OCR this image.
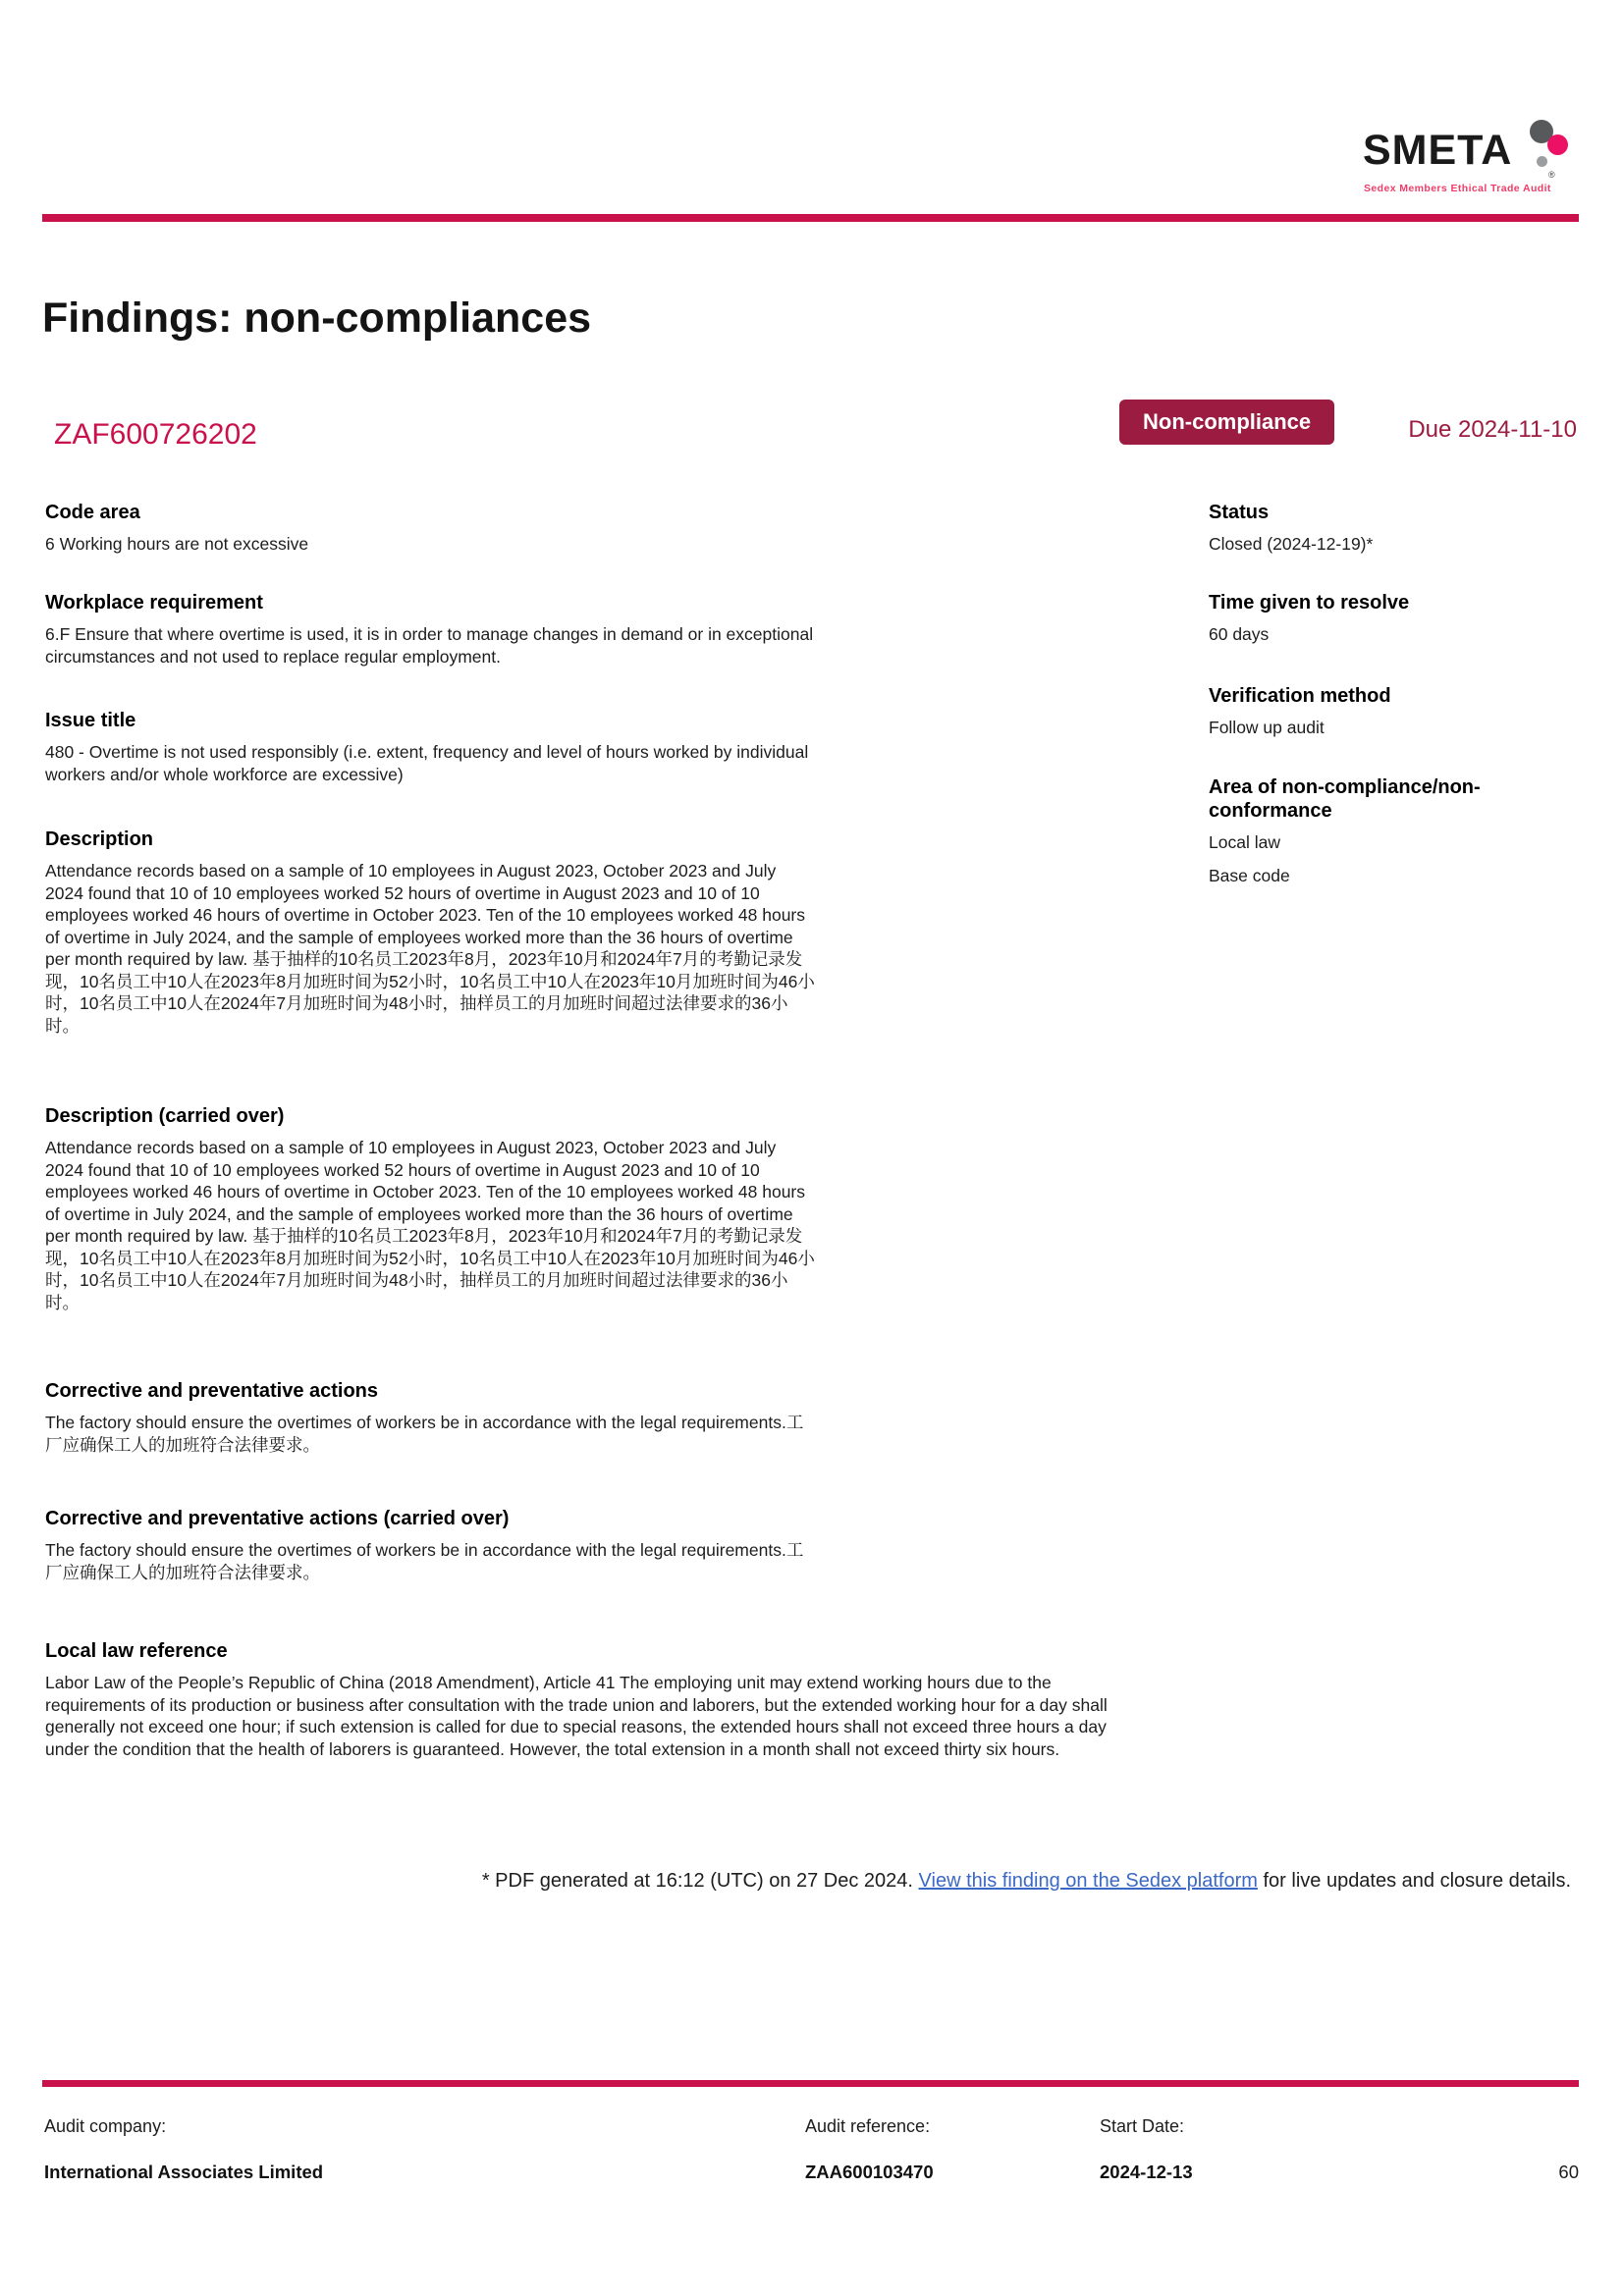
SMETA
®
Sedex Members Ethical Trade Audit
Findings: non-compliances
ZAF600726202	Non-compliance	Due 2024-11-10
Code area

6 Working hours are not excessive

Workplace requirement

6.F Ensure that where overtime is used, it is in order to manage changes in demand or in exceptional circumstances and not used to replace regular employment.

Issue title

480 - Overtime is not used responsibly (i.e. extent, frequency and level of hours worked by individual workers and/or whole workforce are excessive)

Description

Attendance records based on a sample of 10 employees in August 2023, October 2023 and July 2024 found that 10 of 10 employees worked 52 hours of overtime in August 2023 and 10 of 10 employees worked 46 hours of overtime in October 2023. Ten of the 10 employees worked 48 hours of overtime in July 2024, and the sample of employees worked more than the 36 hours of overtime per month required by law. 基于抽样的10名员工2023年8月，2023年10月和2024年7月的考勤记录发现，10名员工中10人在2023年8月加班时间为52小时，10名员工中10人在2023年10月加班时间为46小时，10名员工中10人在2024年7月加班时间为48小时，抽样员工的月加班时间超过法律要求的36小时。

Description (carried over)

Attendance records based on a sample of 10 employees in August 2023, October 2023 and July 2024 found that 10 of 10 employees worked 52 hours of overtime in August 2023 and 10 of 10 employees worked 46 hours of overtime in October 2023. Ten of the 10 employees worked 48 hours of overtime in July 2024, and the sample of employees worked more than the 36 hours of overtime per month required by law. 基于抽样的10名员工2023年8月，2023年10月和2024年7月的考勤记录发现，10名员工中10人在2023年8月加班时间为52小时，10名员工中10人在2023年10月加班时间为46小时，10名员工中10人在2024年7月加班时间为48小时，抽样员工的月加班时间超过法律要求的36小时。

Corrective and preventative actions

The factory should ensure the overtimes of workers be in accordance with the legal requirements.工厂应确保工人的加班符合法律要求。

Corrective and preventative actions (carried over)

The factory should ensure the overtimes of workers be in accordance with the legal requirements.工厂应确保工人的加班符合法律要求。

Local law reference

Labor Law of the People’s Republic of China (2018 Amendment), Article 41 The employing unit may extend working hours due to the requirements of its production or business after consultation with the trade union and laborers, but the extended working hour for a day shall generally not exceed one hour; if such extension is called for due to special reasons, the extended hours shall not exceed three hours a day under the condition that the health of laborers is guaranteed. However, the total extension in a month shall not exceed thirty six hours.

Status

Closed (2024-12-19)*

Time given to resolve

60 days

Verification method

Follow up audit

Area of non-compliance/non-conformance

Local law

Base code

* PDF generated at 16:12 (UTC) on 27 Dec 2024. View this finding on the Sedex platform for live updates and closure details.
Audit company:
International Associates Limited
Audit reference:
ZAA600103470
Start Date:
2024-12-13	60
